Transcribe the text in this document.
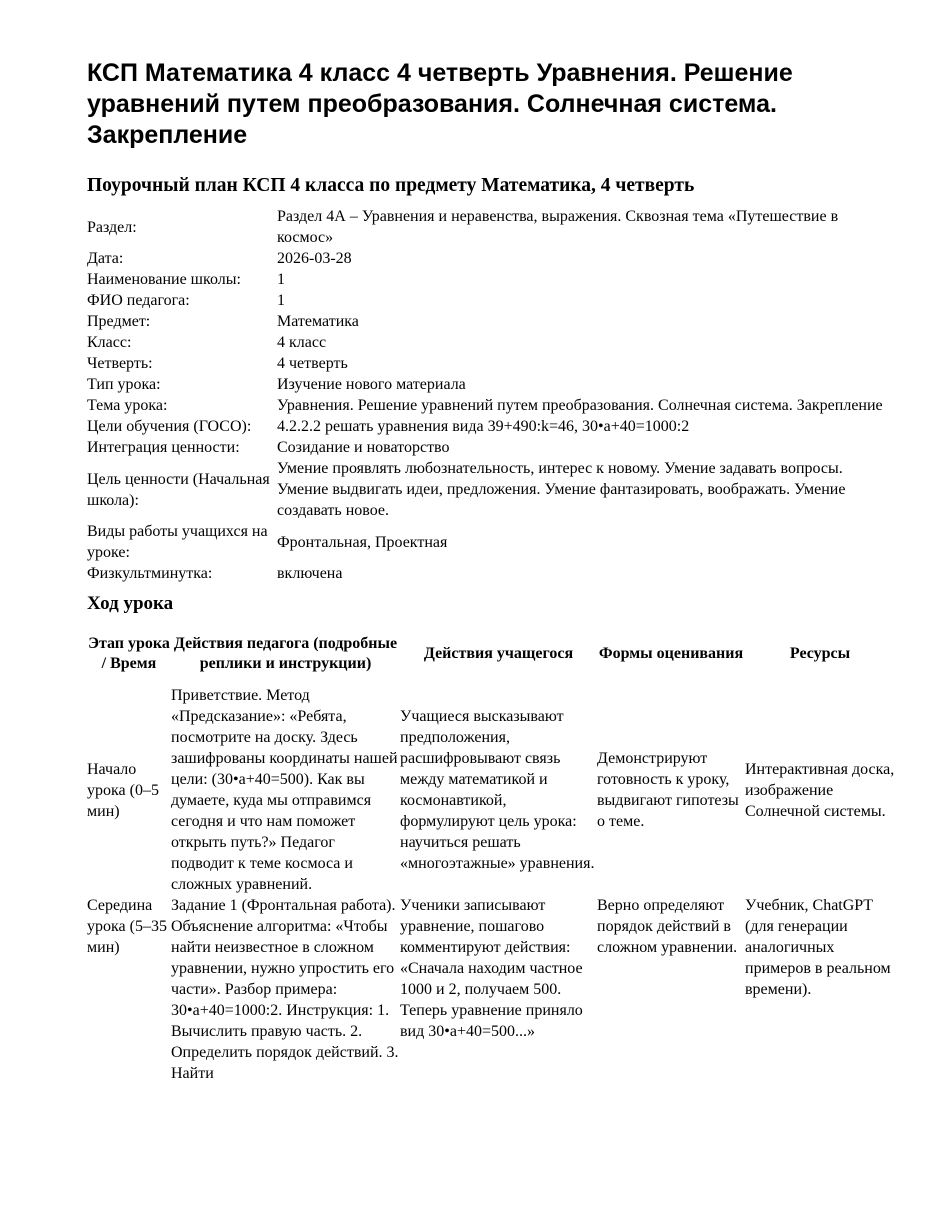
КСП Математика 4 класс 4 четверть Уравнения. Решение уравнений путем преобразования. Солнечная система. Закрепление
Поурочный план КСП 4 класса по предмету Математика, 4 четверть
Раздел:	Раздел 4А – Уравнения и неравенства, выражения. Сквозная тема «Путешествие в космос»
Дата:	2026-03-28
Наименование школы:	1
ФИО педагога:	1
Предмет:	Математика
Класс:	4 класс
Четверть:	4 четверть
Тип урока:	Изучение нового материала
Тема урока:	Уравнения. Решение уравнений путем преобразования. Солнечная система. Закрепление
Цели обучения (ГОСО):	4.2.2.2 решать уравнения вида 39+490:k=46, 30•a+40=1000:2
Интеграция ценности:	Созидание и новаторство
Цель ценности (Начальная школа):	Умение проявлять любознательность, интерес к новому. Умение задавать вопросы. Умение выдвигать идеи, предложения. Умение фантазировать, воображать. Умение создавать новое.
Виды работы учащихся на уроке:	Фронтальная, Проектная
Физкультминутка:	включена
Ход урока
Этап урока / Время	Действия педагога (подробные реплики и инструкции)	Действия учащегося	Формы оценивания	Ресурсы
Начало урока (0–5 мин)	Приветствие. Метод «Предсказание»: «Ребята, посмотрите на доску. Здесь зашифрованы координаты нашей цели: (30•a+40=500). Как вы думаете, куда мы отправимся сегодня и что нам поможет открыть путь?» Педагог подводит к теме космоса и сложных уравнений.	Учащиеся высказывают предположения, расшифровывают связь между математикой и космонавтикой, формулируют цель урока: научиться решать «многоэтажные» уравнения.	Демонстрируют готовность к уроку, выдвигают гипотезы о теме.	Интерактивная доска, изображение Солнечной системы.
Середина урока (5–35 мин)	Задание 1 (Фронтальная работа). Объяснение алгоритма: «Чтобы найти неизвестное в сложном уравнении, нужно упростить его части». Разбор примера: 30•a+40=1000:2. Инструкция: 1. Вычислить правую часть. 2. Определить порядок действий. 3. Найти	Ученики записывают уравнение, пошагово комментируют действия: «Сначала находим частное 1000 и 2, получаем 500. Теперь уравнение приняло вид 30•a+40=500...»	Верно определяют порядок действий в сложном уравнении.	Учебник, ChatGPT (для генерации аналогичных примеров в реальном времени).
